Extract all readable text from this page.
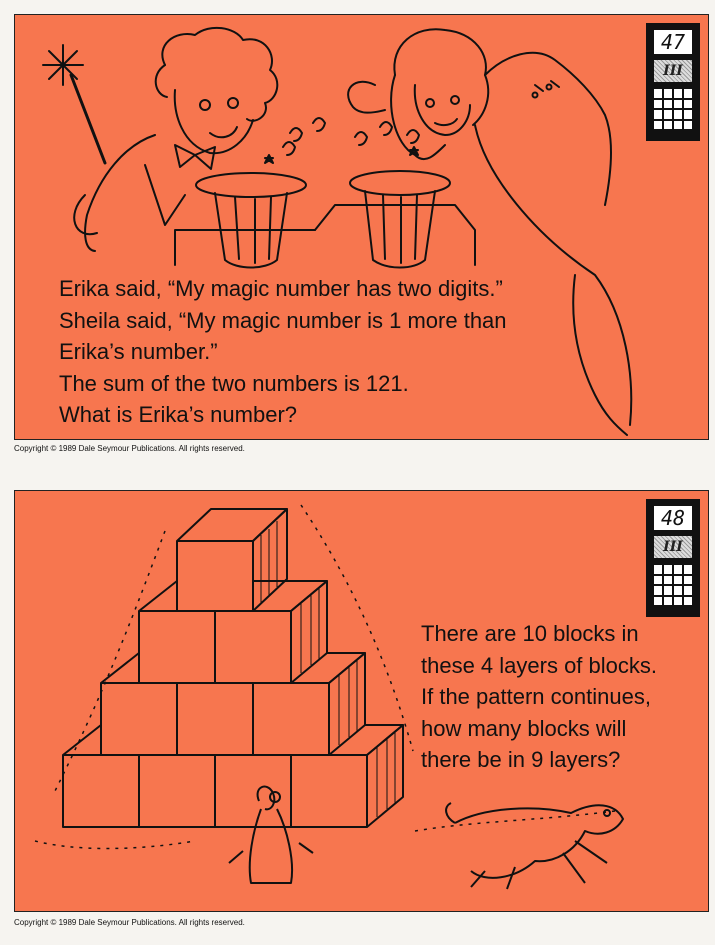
47
III
Erika said, “My magic number has two digits.”
Sheila said, “My magic number is 1 more than
Erika’s number.”
The sum of the two numbers is 121.
What is Erika’s number?
Copyright © 1989 Dale Seymour Publications. All rights reserved.
48
III
There are 10 blocks in
these 4 layers of blocks.
If the pattern continues,
how many blocks will
there be in 9 layers?
Copyright © 1989 Dale Seymour Publications. All rights reserved.
